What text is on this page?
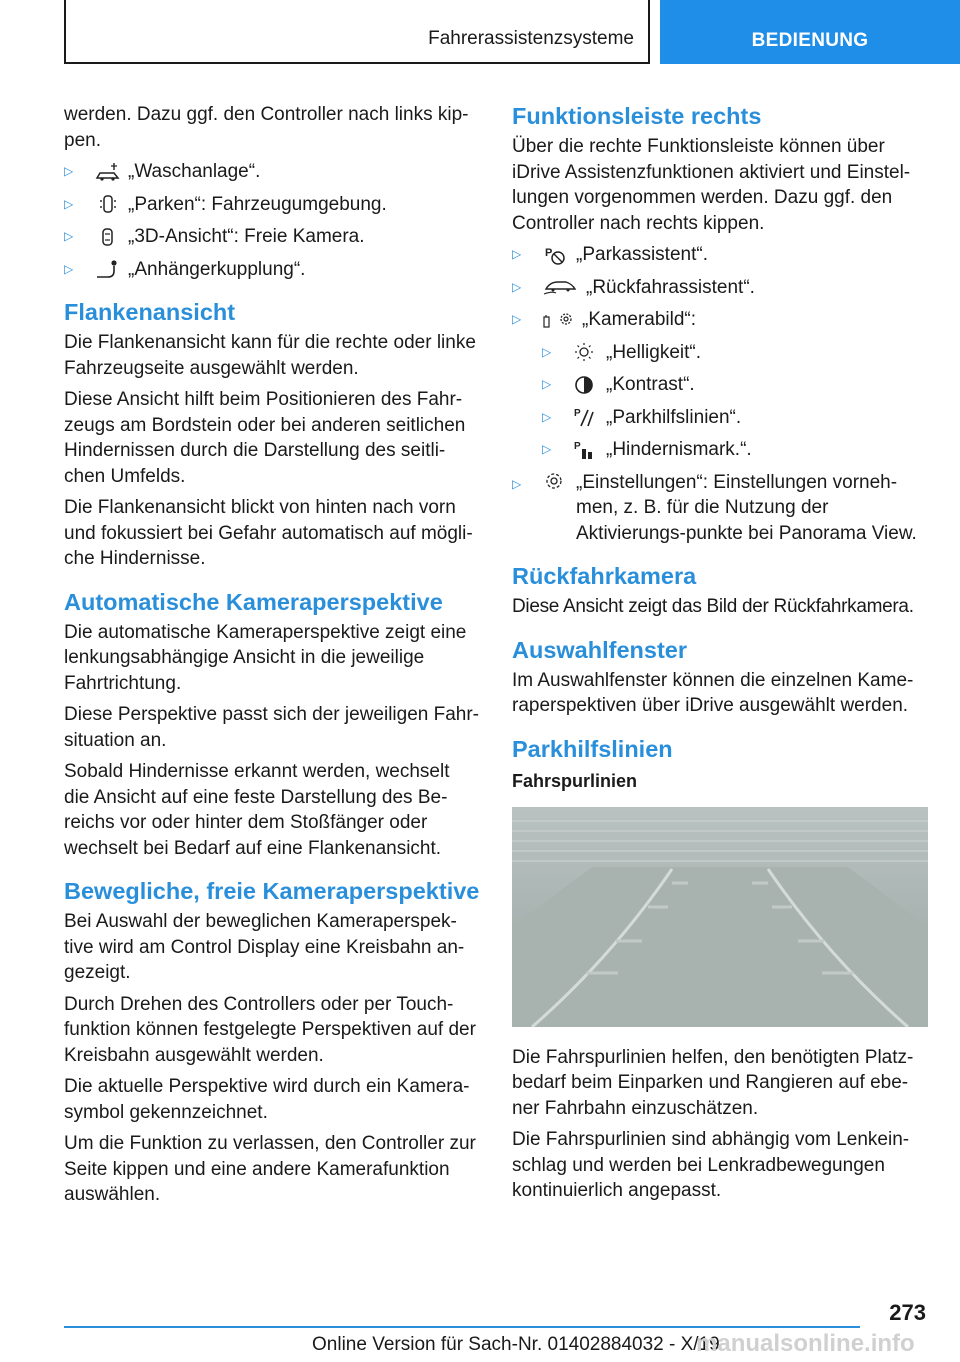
Fahrerassistenzsysteme	BEDIENUNG

werden. Dazu ggf. den Controller nach links kip-pen.

▷	„Waschanlage“.
▷	„Parken“: Fahrzeugumgebung.
▷	„3D-Ansicht“: Freie Kamera.
▷	„Anhängerkupplung“.
Flankenansicht

Die Flankenansicht kann für die rechte oder linke Fahrzeugseite ausgewählt werden.

Diese Ansicht hilft beim Positionieren des Fahr-zeugs am Bordstein oder bei anderen seitlichen Hindernissen durch die Darstellung des seitli-chen Umfelds.

Die Flankenansicht blickt von hinten nach vorn und fokussiert bei Gefahr automatisch auf mögli-che Hindernisse.

Automatische Kameraperspektive

Die automatische Kameraperspektive zeigt eine lenkungsabhängige Ansicht in die jeweilige Fahrtrichtung.

Diese Perspektive passt sich der jeweiligen Fahr-situation an.

Sobald Hindernisse erkannt werden, wechselt die Ansicht auf eine feste Darstellung des Be-reichs vor oder hinter dem Stoßfänger oder wechselt bei Bedarf auf eine Flankenansicht.

Bewegliche, freie Kameraperspektive

Bei Auswahl der beweglichen Kameraperspek-tive wird am Control Display eine Kreisbahn an-gezeigt.

Durch Drehen des Controllers oder per Touch-funktion können festgelegte Perspektiven auf der Kreisbahn ausgewählt werden.

Die aktuelle Perspektive wird durch ein Kamera-symbol gekennzeichnet.

Um die Funktion zu verlassen, den Controller zur Seite kippen und eine andere Kamerafunktion auswählen.

Funktionsleiste rechts

Über die rechte Funktionsleiste können über iDrive Assistenzfunktionen aktiviert und Einstel-lungen vorgenommen werden. Dazu ggf. den Controller nach rechts kippen.

▷	P „Parkassistent“.
▷	„Rückfahrassistent“.
▷	„Kamerabild“:
▷	„Helligkeit“.
▷	„Kontrast“.
▷	P „Parkhilfslinien“.
▷	P „Hindernismark.“.
▷	„Einstellungen“: Einstellungen vorneh-men, z. B. für die Nutzung der Aktivierungs-punkte bei Panorama View.
Rückfahrkamera

Diese Ansicht zeigt das Bild der Rückfahrkamera.

Auswahlfenster

Im Auswahlfenster können die einzelnen Kame-raperspektiven über iDrive ausgewählt werden.

Parkhilfslinien
Fahrspurlinien

Die Fahrspurlinien helfen, den benötigten Platz-bedarf beim Einparken und Rangieren auf ebe-ner Fahrbahn einzuschätzen.

Die Fahrspurlinien sind abhängig vom Lenkein-schlag und werden bei Lenkradbewegungen kontinuierlich angepasst.

273
Online Version für Sach-Nr. 01402884032 - X/19
manualsonline.info
